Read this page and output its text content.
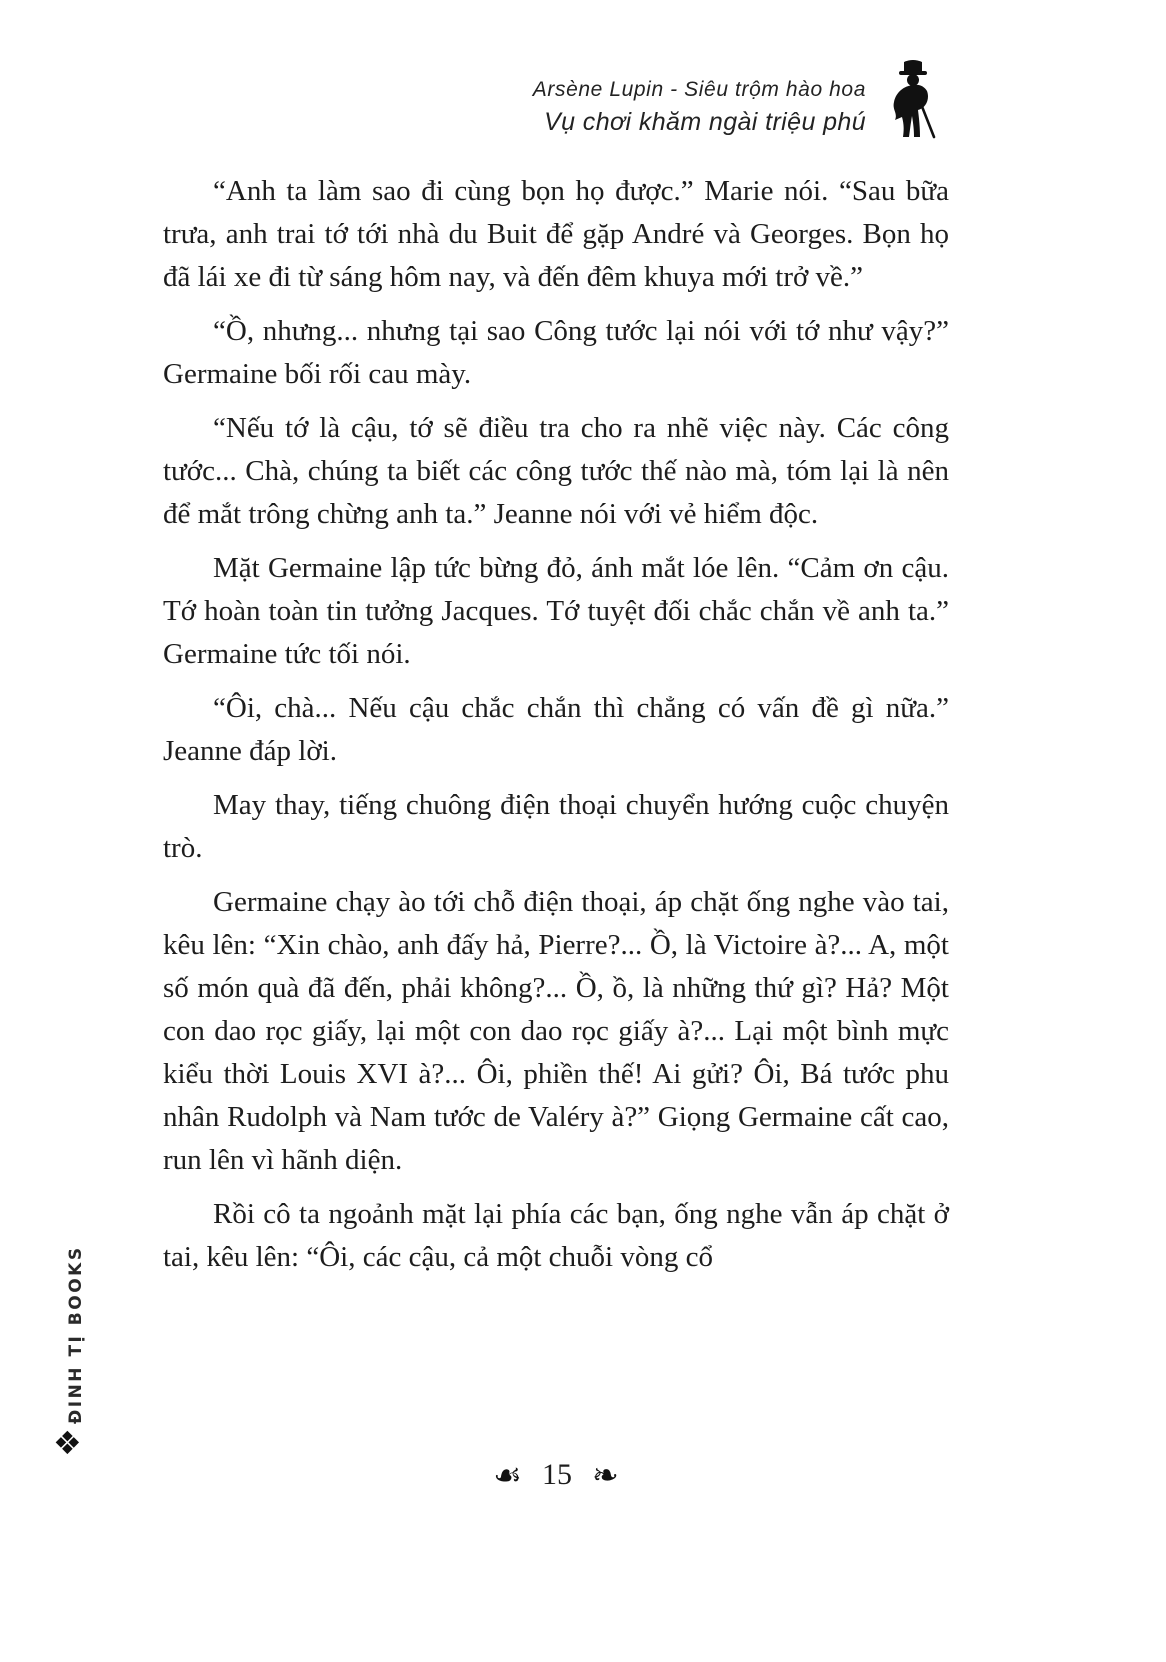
Arsène Lupin - Siêu trộm hào hoa
Vụ chơi khăm ngài triệu phú

“Anh ta làm sao đi cùng bọn họ được.” Marie nói. “Sau bữa trưa, anh trai tớ tới nhà du Buit để gặp André và Georges. Bọn họ đã lái xe đi từ sáng hôm nay, và đến đêm khuya mới trở về.”

“Ồ, nhưng... nhưng tại sao Công tước lại nói với tớ như vậy?” Germaine bối rối cau mày.

“Nếu tớ là cậu, tớ sẽ điều tra cho ra nhẽ việc này. Các công tước... Chà, chúng ta biết các công tước thế nào mà, tóm lại là nên để mắt trông chừng anh ta.” Jeanne nói với vẻ hiểm độc.

Mặt Germaine lập tức bừng đỏ, ánh mắt lóe lên. “Cảm ơn cậu. Tớ hoàn toàn tin tưởng Jacques. Tớ tuyệt đối chắc chắn về anh ta.” Germaine tức tối nói.

“Ôi, chà... Nếu cậu chắc chắn thì chẳng có vấn đề gì nữa.” Jeanne đáp lời.

May thay, tiếng chuông điện thoại chuyển hướng cuộc chuyện trò.

Germaine chạy ào tới chỗ điện thoại, áp chặt ống nghe vào tai, kêu lên: “Xin chào, anh đấy hả, Pierre?... Ồ, là Victoire à?... A, một số món quà đã đến, phải không?... Ồ, ồ, là những thứ gì? Hả? Một con dao rọc giấy, lại một con dao rọc giấy à?... Lại một bình mực kiểu thời Louis XVI à?... Ôi, phiền thế! Ai gửi? Ôi, Bá tước phu nhân Rudolph và Nam tước de Valéry à?” Giọng Germaine cất cao, run lên vì hãnh diện.

Rồi cô ta ngoảnh mặt lại phía các bạn, ống nghe vẫn áp chặt ở tai, kêu lên: “Ôi, các cậu, cả một chuỗi vòng cổ

ĐINH TỊ BOOKS
❖
☙ 15 ❧
